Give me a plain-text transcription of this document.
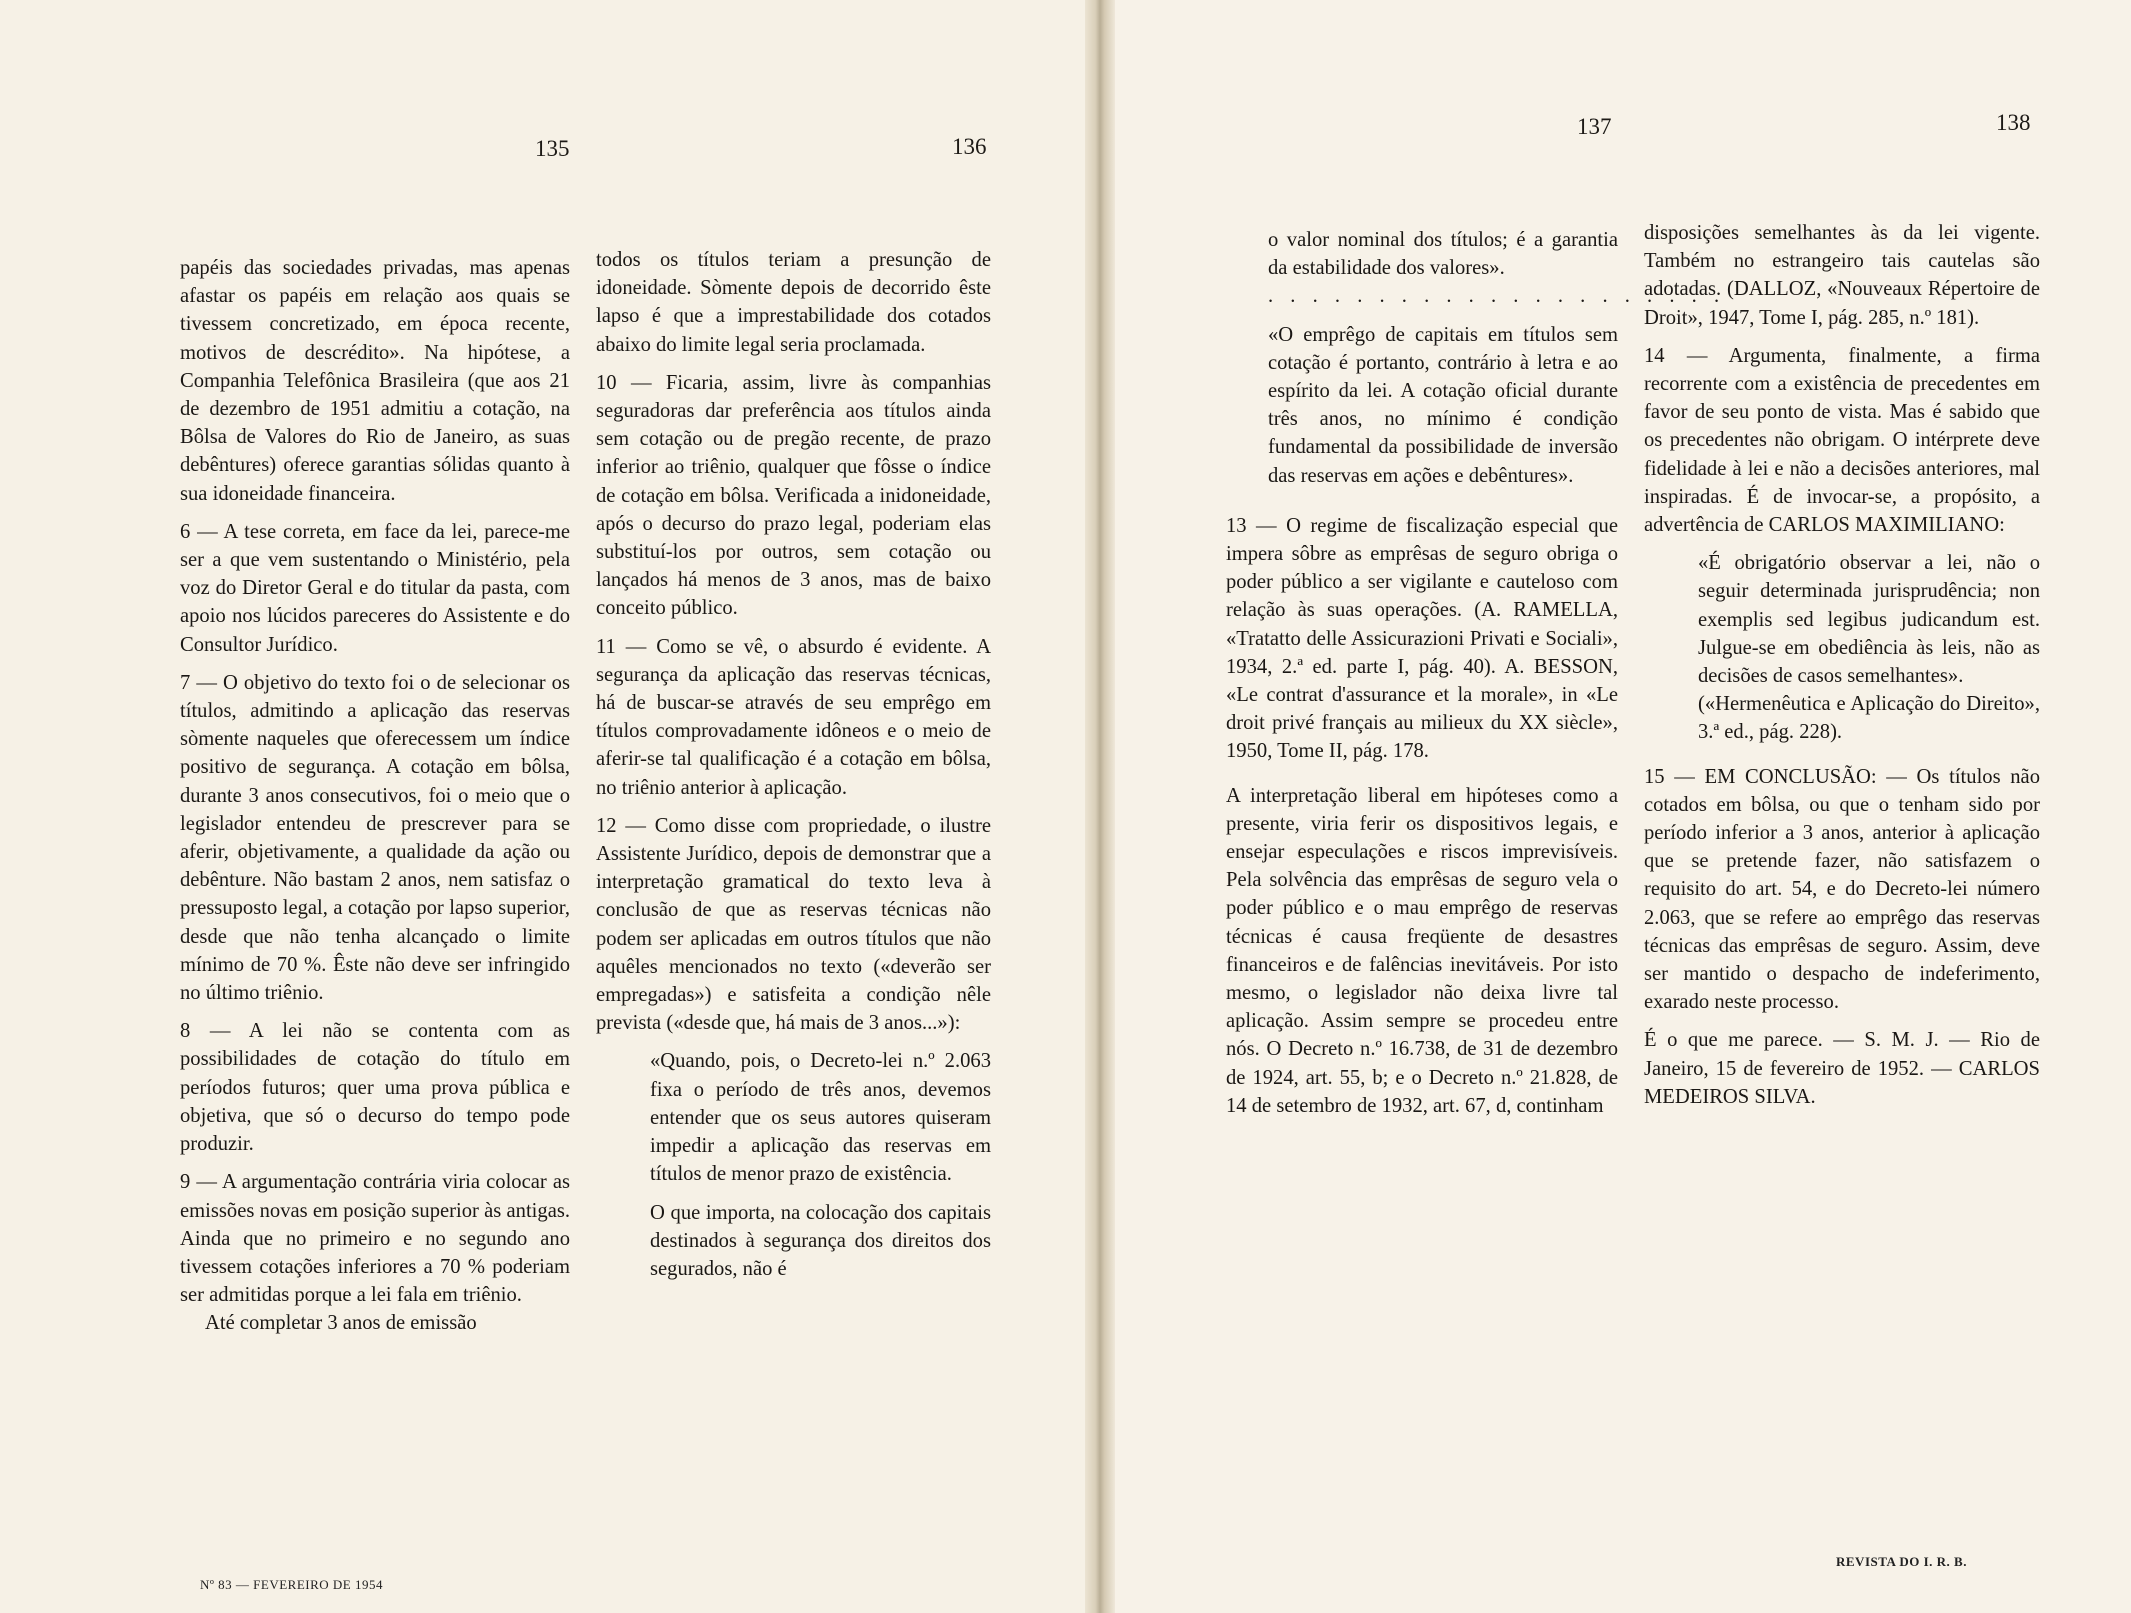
135	136
137	138

papéis das sociedades privadas, mas apenas afastar os papéis em relação aos quais se tivessem concretizado, em época recente, motivos de descrédito». Na hipótese, a Companhia Telefônica Brasileira (que aos 21 de dezembro de 1951 admitiu a cotação, na Bôlsa de Valores do Rio de Janeiro, as suas debêntures) oferece garantias sólidas quanto à sua idoneidade financeira.

6 — A tese correta, em face da lei, parece-me ser a que vem sustentando o Ministério, pela voz do Diretor Geral e do titular da pasta, com apoio nos lúcidos pareceres do Assistente e do Consultor Jurídico.

7 — O objetivo do texto foi o de selecionar os títulos, admitindo a aplicação das reservas sòmente naqueles que oferecessem um índice positivo de segurança. A cotação em bôlsa, durante 3 anos consecutivos, foi o meio que o legislador entendeu de prescrever para se aferir, objetivamente, a qualidade da ação ou debênture. Não bastam 2 anos, nem satisfaz o pressuposto legal, a cotação por lapso superior, desde que não tenha alcançado o limite mínimo de 70 %. Êste não deve ser infringido no último triênio.

8 — A lei não se contenta com as possibilidades de cotação do título em períodos futuros; quer uma prova pública e objetiva, que só o decurso do tempo pode produzir.

9 — A argumentação contrária viria colocar as emissões novas em posição superior às antigas. Ainda que no primeiro e no segundo ano tivessem cotações inferiores a 70 % poderiam ser admitidas porque a lei fala em triênio.

Até completar 3 anos de emissão

todos os títulos teriam a presunção de idoneidade. Sòmente depois de decorrido êste lapso é que a imprestabilidade dos cotados abaixo do limite legal seria proclamada.

10 — Ficaria, assim, livre às companhias seguradoras dar preferência aos títulos ainda sem cotação ou de pregão recente, de prazo inferior ao triênio, qualquer que fôsse o índice de cotação em bôlsa. Verificada a inidoneidade, após o decurso do prazo legal, poderiam elas substituí-los por outros, sem cotação ou lançados há menos de 3 anos, mas de baixo conceito público.

11 — Como se vê, o absurdo é evidente. A segurança da aplicação das reservas técnicas, há de buscar-se através de seu emprêgo em títulos comprovadamente idôneos e o meio de aferir-se tal qualificação é a cotação em bôlsa, no triênio anterior à aplicação.

12 — Como disse com propriedade, o ilustre Assistente Jurídico, depois de demonstrar que a interpretação gramatical do texto leva à conclusão de que as reservas técnicas não podem ser aplicadas em outros títulos que não aquêles mencionados no texto («deverão ser empregadas») e satisfeita a condição nêle prevista («desde que, há mais de 3 anos...»):

«Quando, pois, o Decreto-lei n.º 2.063 fixa o período de três anos, devemos entender que os seus autores quiseram impedir a aplicação das reservas em títulos de menor prazo de existência.

O que importa, na colocação dos capitais destinados à segurança dos direitos dos segurados, não é

o valor nominal dos títulos; é a garantia da estabilidade dos valores».

. . . . . . . . . . . . . . . . . . . . .

«O emprêgo de capitais em títulos sem cotação é portanto, contrário à letra e ao espírito da lei. A cotação oficial durante três anos, no mínimo é condição fundamental da possibilidade de inversão das reservas em ações e debêntures».

13 — O regime de fiscalização especial que impera sôbre as emprêsas de seguro obriga o poder público a ser vigilante e cauteloso com relação às suas operações. (A. RAMELLA, «Tratatto delle Assicurazioni Privati e Sociali», 1934, 2.ª ed. parte I, pág. 40). A. BESSON, «Le contrat d'assurance et la morale», in «Le droit privé français au milieux du XX siècle», 1950, Tome II, pág. 178.

A interpretação liberal em hipóteses como a presente, viria ferir os dispositivos legais, e ensejar especulações e riscos imprevisíveis. Pela solvência das emprêsas de seguro vela o poder público e o mau emprêgo de reservas técnicas é causa freqüente de desastres financeiros e de falências inevitáveis. Por isto mesmo, o legislador não deixa livre tal aplicação. Assim sempre se procedeu entre nós. O Decreto n.º 16.738, de 31 de dezembro de 1924, art. 55, b; e o Decreto n.º 21.828, de 14 de setembro de 1932, art. 67, d, continham

disposições semelhantes às da lei vigente. Também no estrangeiro tais cautelas são adotadas. (DALLOZ, «Nouveaux Répertoire de Droit», 1947, Tome I, pág. 285, n.º 181).

14 — Argumenta, finalmente, a firma recorrente com a existência de precedentes em favor de seu ponto de vista. Mas é sabido que os precedentes não obrigam. O intérprete deve fidelidade à lei e não a decisões anteriores, mal inspiradas. É de invocar-se, a propósito, a advertência de CARLOS MAXIMILIANO:

«É obrigatório observar a lei, não o seguir determinada jurisprudência; non exemplis sed legibus judicandum est. Julgue-se em obediência às leis, não as decisões de casos semelhantes».

(«Hermenêutica e Aplicação do Direito», 3.ª ed., pág. 228).

15 — EM CONCLUSÃO: — Os títulos não cotados em bôlsa, ou que o tenham sido por período inferior a 3 anos, anterior à aplicação que se pretende fazer, não satisfazem o requisito do art. 54, e do Decreto-lei número 2.063, que se refere ao emprêgo das reservas técnicas das emprêsas de seguro. Assim, deve ser mantido o despacho de indeferimento, exarado neste processo.

É o que me parece. — S. M. J. — Rio de Janeiro, 15 de fevereiro de 1952. — CARLOS MEDEIROS SILVA.

Nº 83 — FEVEREIRO DE 1954
REVISTA DO I. R. B.
